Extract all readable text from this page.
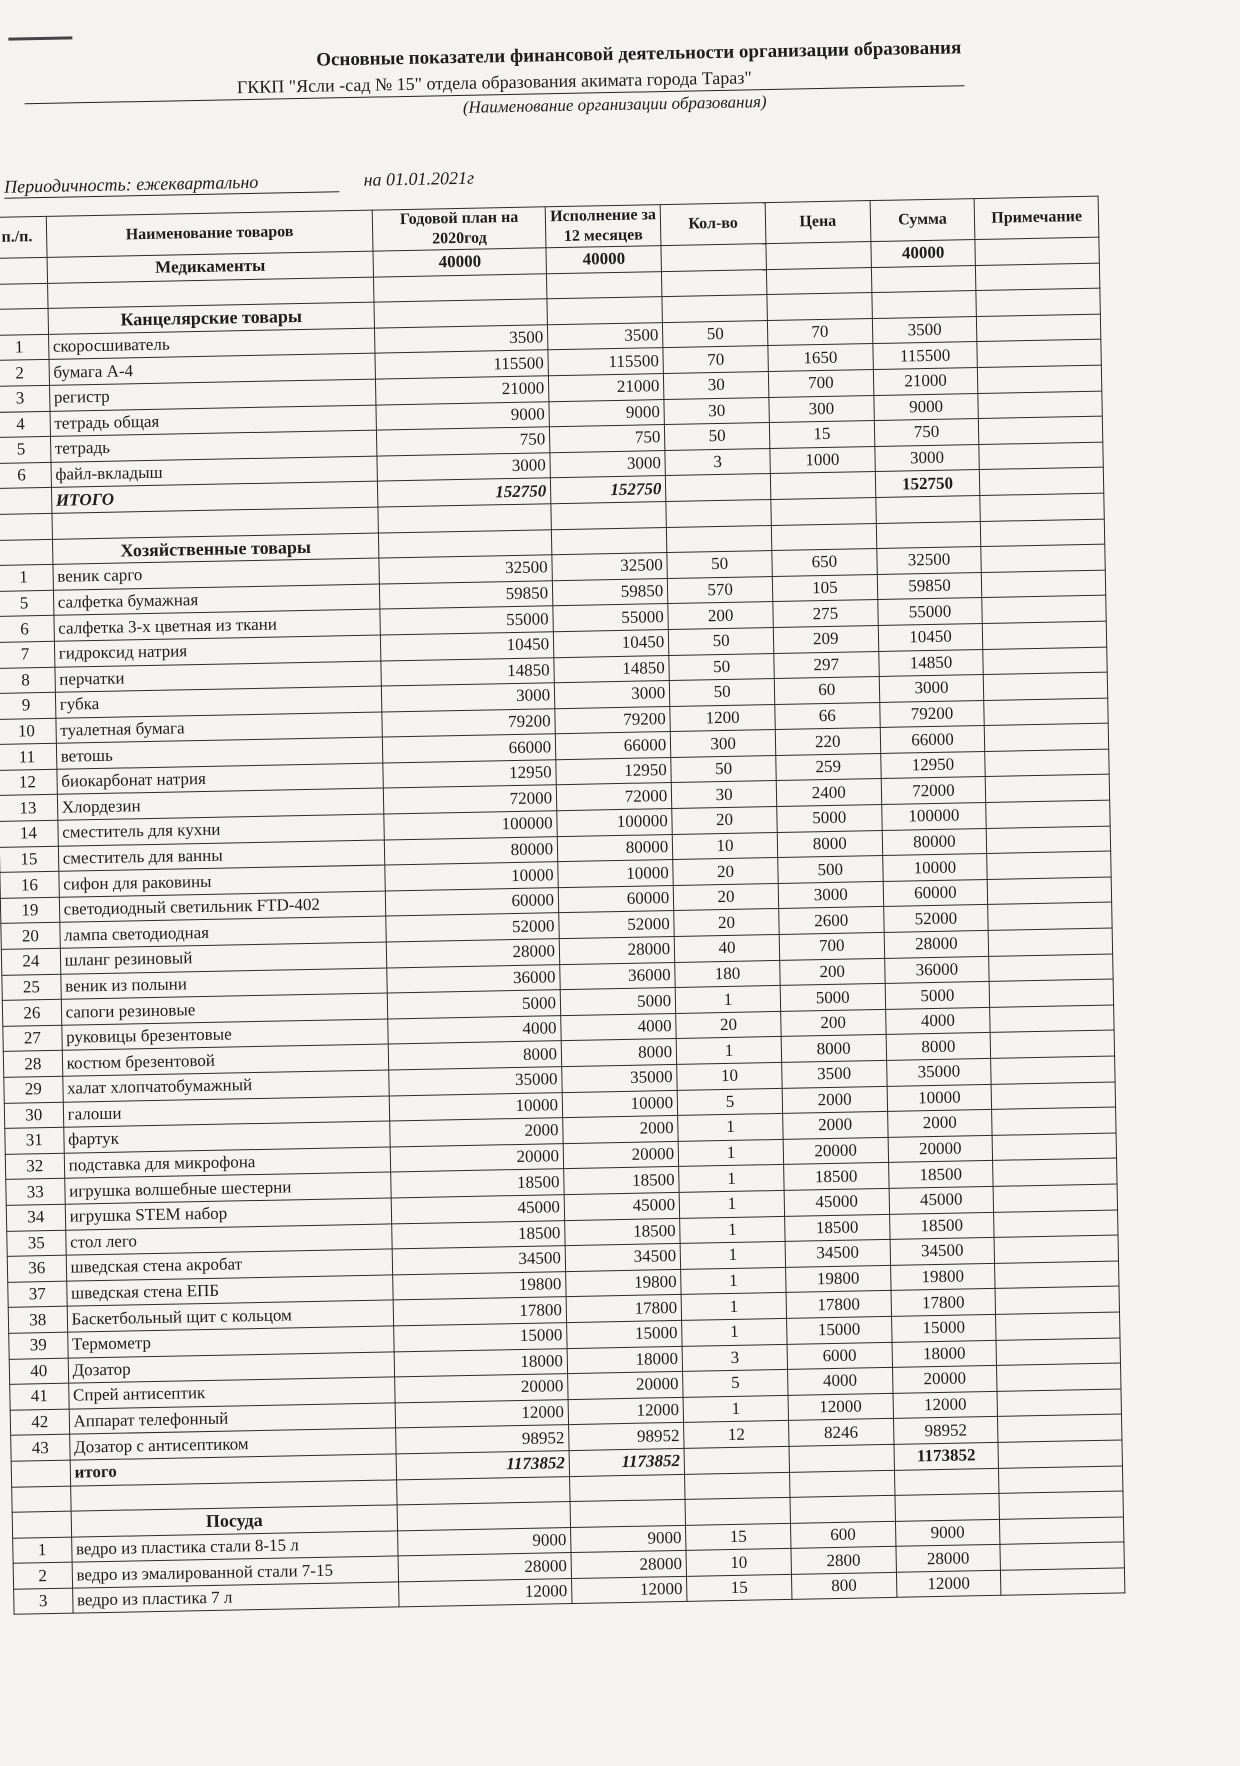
Основные показатели финансовой деятельности организации образования
ГККП "Ясли -сад № 15" отдела образования акимата города Тараз"
(Наименование организации образования)
Периодичность: ежеквартально	на 01.01.2021г
п./п.	Наименование товаров	Годовой план на 2020год	Исполнение за 12 месяцев	Кол-во	Цена	Сумма	Примечание
	Медикаменты	40000	40000			40000	

	Канцелярские товары						
1	скоросшиватель	3500	3500	50	70	3500	
2	бумага А-4	115500	115500	70	1650	115500	
3	регистр	21000	21000	30	700	21000	
4	тетрадь общая	9000	9000	30	300	9000	
5	тетрадь	750	750	50	15	750	
6	файл-вкладыш	3000	3000	3	1000	3000	
	ИТОГО	152750	152750			152750	

	Хозяйственные товары						
1	веник сарго	32500	32500	50	650	32500	
5	салфетка бумажная	59850	59850	570	105	59850	
6	салфетка 3-х цветная из ткани	55000	55000	200	275	55000	
7	гидроксид натрия	10450	10450	50	209	10450	
8	перчатки	14850	14850	50	297	14850	
9	губка	3000	3000	50	60	3000	
10	туалетная бумага	79200	79200	1200	66	79200	
11	ветошь	66000	66000	300	220	66000	
12	биокарбонат натрия	12950	12950	50	259	12950	
13	Хлордезин	72000	72000	30	2400	72000	
14	сместитель для кухни	100000	100000	20	5000	100000	
15	сместитель для ванны	80000	80000	10	8000	80000	
16	сифон для раковины	10000	10000	20	500	10000	
19	светодиодный светильник FTD-402	60000	60000	20	3000	60000	
20	лампа светодиодная	52000	52000	20	2600	52000	
24	шланг резиновый	28000	28000	40	700	28000	
25	веник из полыни	36000	36000	180	200	36000	
26	сапоги резиновые	5000	5000	1	5000	5000	
27	руковицы брезентовые	4000	4000	20	200	4000	
28	костюм брезентовой	8000	8000	1	8000	8000	
29	халат хлопчатобумажный	35000	35000	10	3500	35000	
30	галоши	10000	10000	5	2000	10000	
31	фартук	2000	2000	1	2000	2000	
32	подставка для микрофона	20000	20000	1	20000	20000	
33	игрушка волшебные шестерни	18500	18500	1	18500	18500	
34	игрушка STEM набор	45000	45000	1	45000	45000	
35	стол лего	18500	18500	1	18500	18500	
36	шведская стена акробат	34500	34500	1	34500	34500	
37	шведская стена ЕПБ	19800	19800	1	19800	19800	
38	Баскетбольный щит с кольцом	17800	17800	1	17800	17800	
39	Термометр	15000	15000	1	15000	15000	
40	Дозатор	18000	18000	3	6000	18000	
41	Спрей антисептик	20000	20000	5	4000	20000	
42	Аппарат телефонный	12000	12000	1	12000	12000	
43	Дозатор с антисептиком	98952	98952	12	8246	98952	
	итого	1173852	1173852			1173852	

	Посуда						
1	ведро из пластика стали 8-15 л	9000	9000	15	600	9000	
2	ведро из эмалированной стали 7-15	28000	28000	10	2800	28000	
3	ведро из пластика 7 л	12000	12000	15	800	12000	
